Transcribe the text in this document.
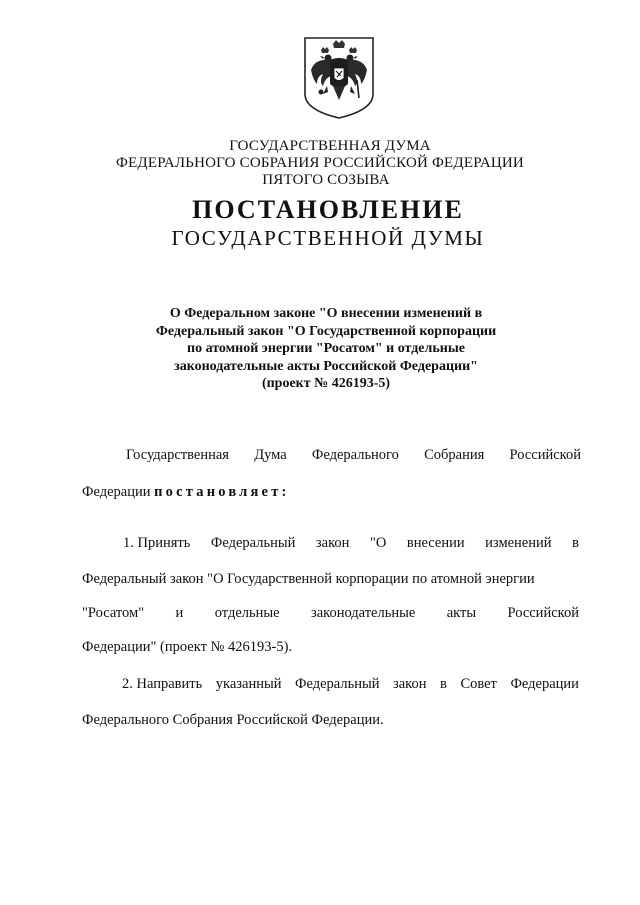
ГОСУДАРСТВЕННАЯ ДУМА
ФЕДЕРАЛЬНОГО СОБРАНИЯ РОССИЙСКОЙ ФЕДЕРАЦИИ
ПЯТОГО СОЗЫВА
ПОСТАНОВЛЕНИЕ
ГОСУДАРСТВЕННОЙ ДУМЫ
О Федеральном законе "О внесении изменений в
Федеральный закон "О Государственной корпорации
по атомной энергии "Росатом" и отдельные
законодательные акты Российской Федерации"
(проект № 426193-5)
Государственная Дума Федерального Собрания Российской
Федерации постановляет:
1. Принять Федеральный закон "О внесении изменений в
Федеральный закон "О Государственной корпорации по атомной энергии
"Росатом" и отдельные законодательные акты Российской
Федерации" (проект № 426193-5).
2. Направить указанный Федеральный закон в Совет Федерации
Федерального Собрания Российской Федерации.
